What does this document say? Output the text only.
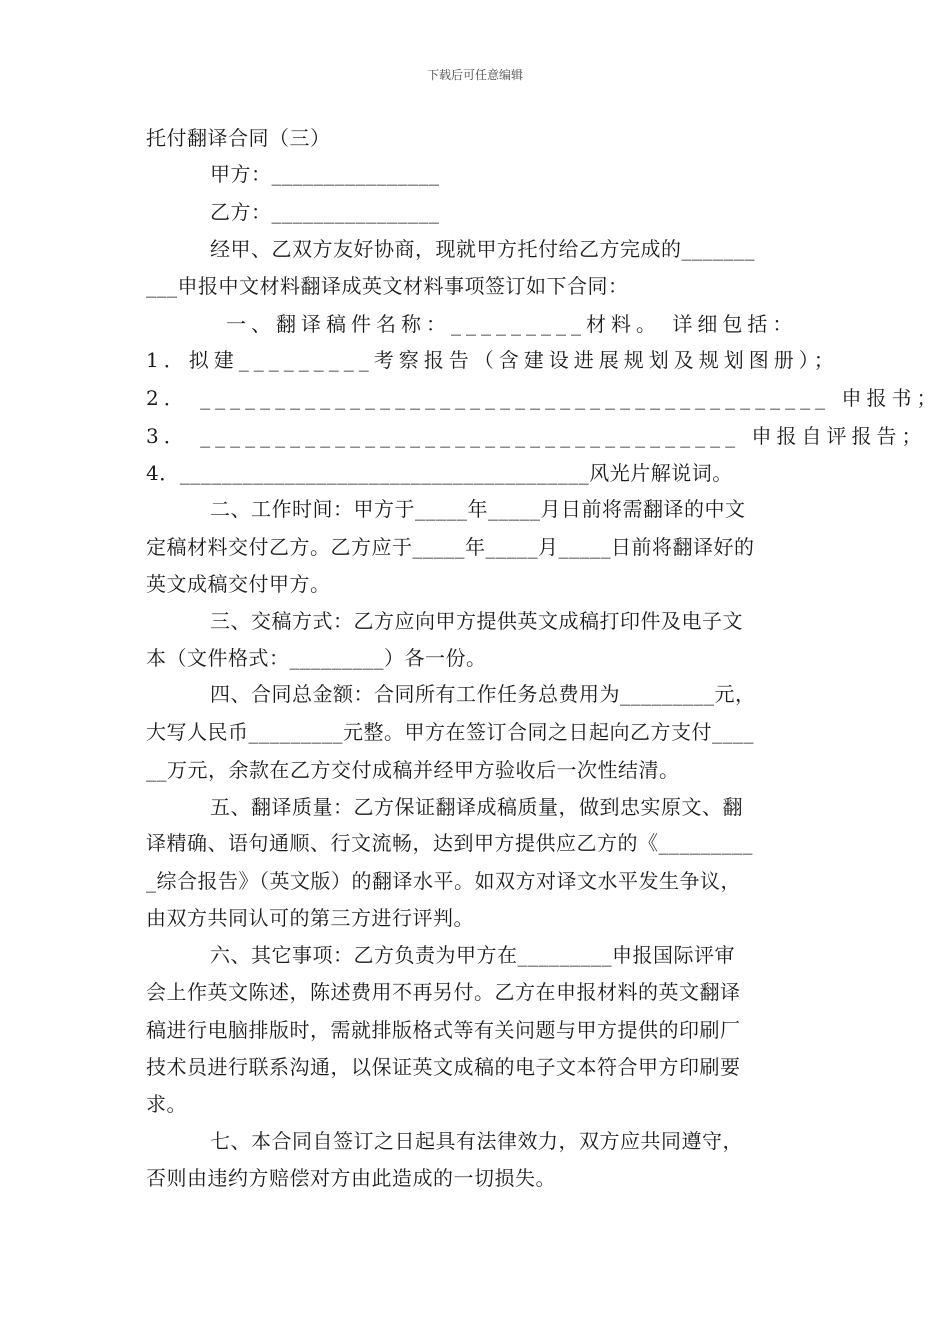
下载后可任意编辑
托付翻译合同（三）
甲方：________________
乙方：________________
经甲、乙双方友好协商，现就甲方托付给乙方完成的_______
___申报中文材料翻译成英文材料事项签订如下合同：
一、翻译稿件名称：_________材料。 详细包括：
1．拟建_________考察报告（含建设进展规划及规划图册）；
2． __________________________________________ 申报书；
3． ____________________________________ 申报自评报告；
4．_______________________________________风光片解说词。
二、工作时间：甲方于_____年_____月日前将需翻译的中文
定稿材料交付乙方。乙方应于_____年_____月_____日前将翻译好的
英文成稿交付甲方。
三、交稿方式：乙方应向甲方提供英文成稿打印件及电子文
本（文件格式：_________）各一份。
四、合同总金额：合同所有工作任务总费用为_________元，
大写人民币_________元整。甲方在签订合同之日起向乙方支付____
__万元，余款在乙方交付成稿并经甲方验收后一次性结清。
五、翻译质量：乙方保证翻译成稿质量，做到忠实原文、翻
译精确、语句通顺、行文流畅，达到甲方提供应乙方的《_________
_综合报告》（英文版）的翻译水平。如双方对译文水平发生争议，
由双方共同认可的第三方进行评判。
六、其它事项：乙方负责为甲方在_________申报国际评审
会上作英文陈述，陈述费用不再另付。乙方在申报材料的英文翻译
稿进行电脑排版时，需就排版格式等有关问题与甲方提供的印刷厂
技术员进行联系沟通，以保证英文成稿的电子文本符合甲方印刷要
求。
七、本合同自签订之日起具有法律效力，双方应共同遵守，
否则由违约方赔偿对方由此造成的一切损失。
